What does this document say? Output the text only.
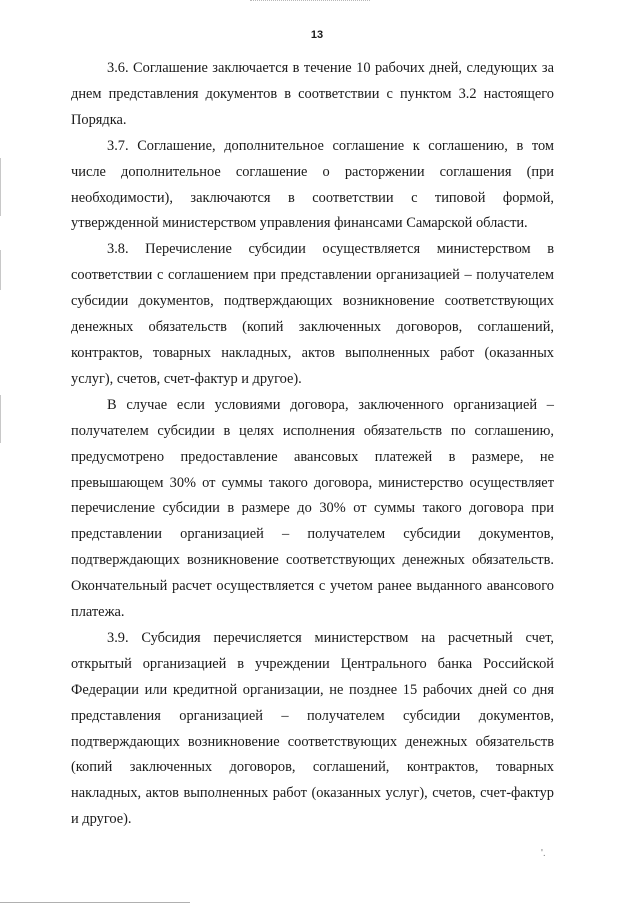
13

3.6. Соглашение заключается в течение 10 рабочих дней, следующих за днем представления документов в соответствии с пунктом 3.2 настоящего Порядка.

3.7. Соглашение, дополнительное соглашение к соглашению, в том числе дополнительное соглашение о расторжении соглашения (при необходимости), заключаются в соответствии с типовой формой, утвержденной министерством управления финансами Самарской области.

3.8. Перечисление субсидии осуществляется министерством в соответствии с соглашением при представлении организацией – получателем субсидии документов, подтверждающих возникновение соответствующих денежных обязательств (копий заключенных договоров, соглашений, контрактов, товарных накладных, актов выполненных работ (оказанных услуг), счетов, счет-фактур и другое).

В случае если условиями договора, заключенного организацией – получателем субсидии в целях исполнения обязательств по соглашению, предусмотрено предоставление авансовых платежей в размере, не превышающем 30% от суммы такого договора, министерство осуществляет перечисление субсидии в размере до 30% от суммы такого договора при представлении организацией – получателем субсидии документов, подтверждающих возникновение соответствующих денежных обязательств. Окончательный расчет осуществляется с учетом ранее выданного авансового платежа.

3.9. Субсидия перечисляется министерством на расчетный счет, открытый организацией в учреждении Центрального банка Российской Федерации или кредитной организации, не позднее 15 рабочих дней со дня представления организацией – получателем субсидии документов, подтверждающих возникновение соответствующих денежных обязательств (копий заключенных договоров, соглашений, контрактов, товарных накладных, актов выполненных работ (оказанных услуг), счетов, счет-фактур и другое).

'.
